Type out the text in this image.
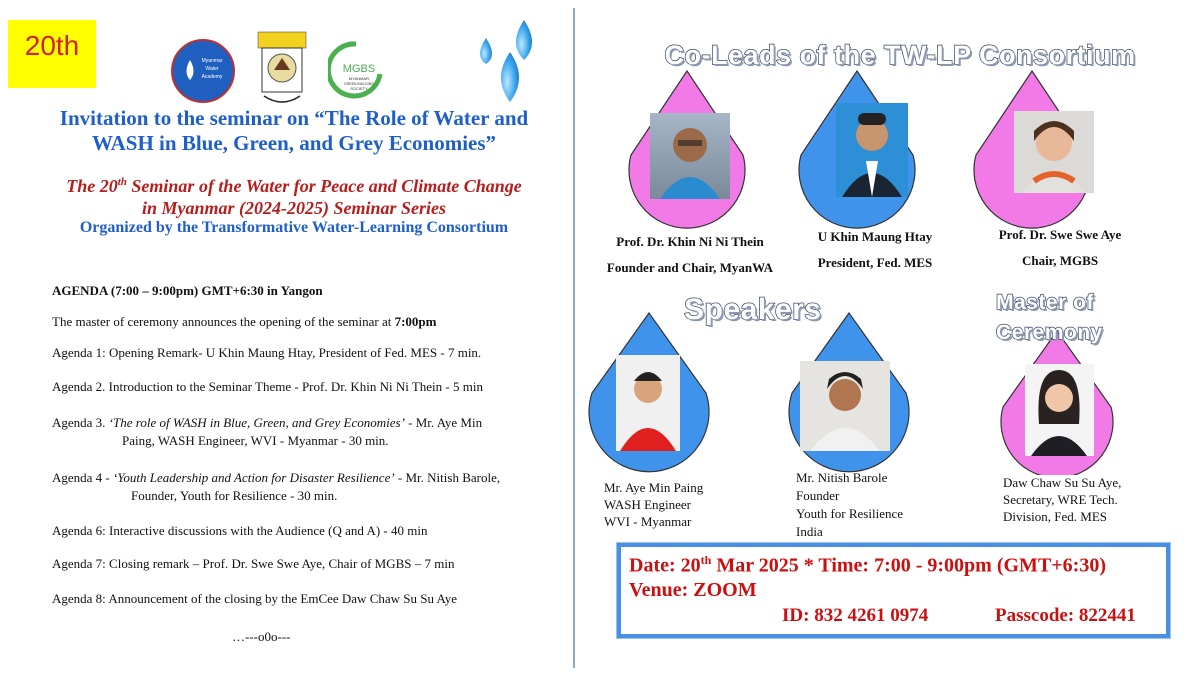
20th	Myanmar
Water
Academy
MGBS
MYANMAR
GREEN BUILDING
SOCIETY
Invitation to the seminar on “The Role of Water and
WASH in Blue, Green, and Grey Economies”
The 20th Seminar of the Water for Peace and Climate Change
in Myanmar (2024-2025) Seminar Series
Organized by the Transformative Water-Learning Consortium
AGENDA (7:00 – 9:00pm) GMT+6:30 in Yangon
The master of ceremony announces the opening of the seminar at 7:00pm
Agenda 1: Opening Remark- U Khin Maung Htay, President of Fed. MES - 7 min.
Agenda 2. Introduction to the Seminar Theme - Prof. Dr. Khin Ni Ni Thein - 5 min
Agenda 3. ‘The role of WASH in Blue, Green, and Grey Economies’ - Mr. Aye Min
Paing, WASH Engineer, WVI - Myanmar - 30 min.
Agenda 4 - ‘Youth Leadership and Action for Disaster Resilience’ - Mr. Nitish Barole,
Founder, Youth for Resilience - 30 min.
Agenda 6: Interactive discussions with the Audience (Q and A) - 40 min
Agenda 7: Closing remark – Prof. Dr. Swe Swe Aye, Chair of MGBS – 7 min
Agenda 8: Announcement of the closing by the EmCee Daw Chaw Su Su Aye
…---o0o---
Co-Leads of the TW-LP Consortium
Prof. Dr. Khin Ni Ni Thein
Founder and Chair, MyanWA
U Khin Maung Htay
President, Fed. MES
Prof. Dr. Swe Swe Aye
Chair, MGBS
Speakers	Master of
Ceremony
Mr. Aye Min Paing
WASH Engineer
WVI - Myanmar
Mr. Nitish Barole
Founder
Youth for Resilience
India
Daw Chaw Su Su Aye,
Secretary, WRE Tech.
Division, Fed. MES
Date: 20th Mar 2025 * Time: 7:00 - 9:00pm (GMT+6:30)
Venue: ZOOM
ID: 832 4261 0974	Passcode: 822441
